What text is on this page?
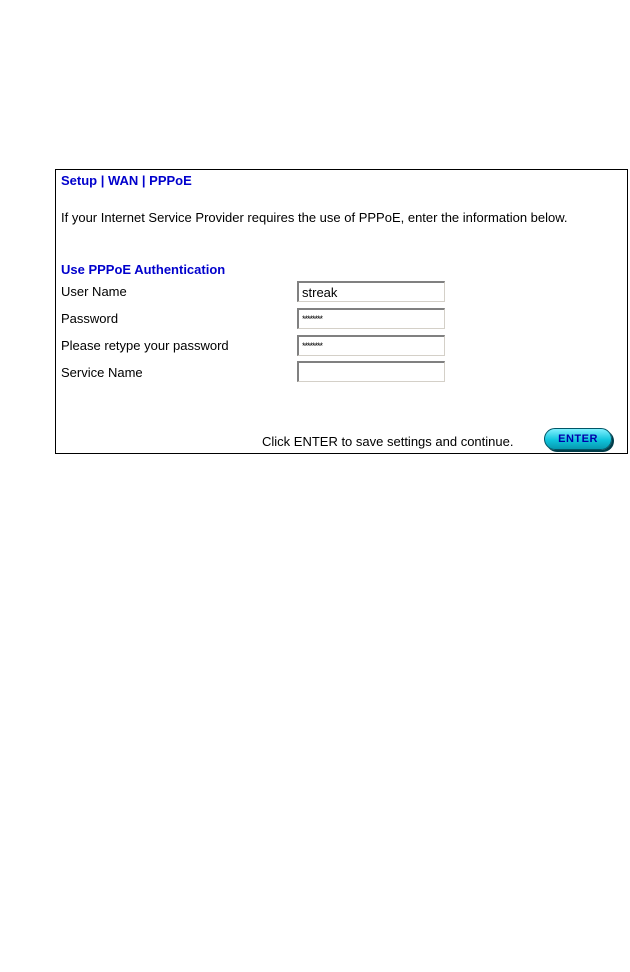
Setup | WAN | PPPoE
If your Internet Service Provider requires the use of PPPoE, enter the information below.
Use PPPoE Authentication
User Name
streak
Password
********
Please retype your password
********
Service Name
Click ENTER to save settings and continue.	ENTER
